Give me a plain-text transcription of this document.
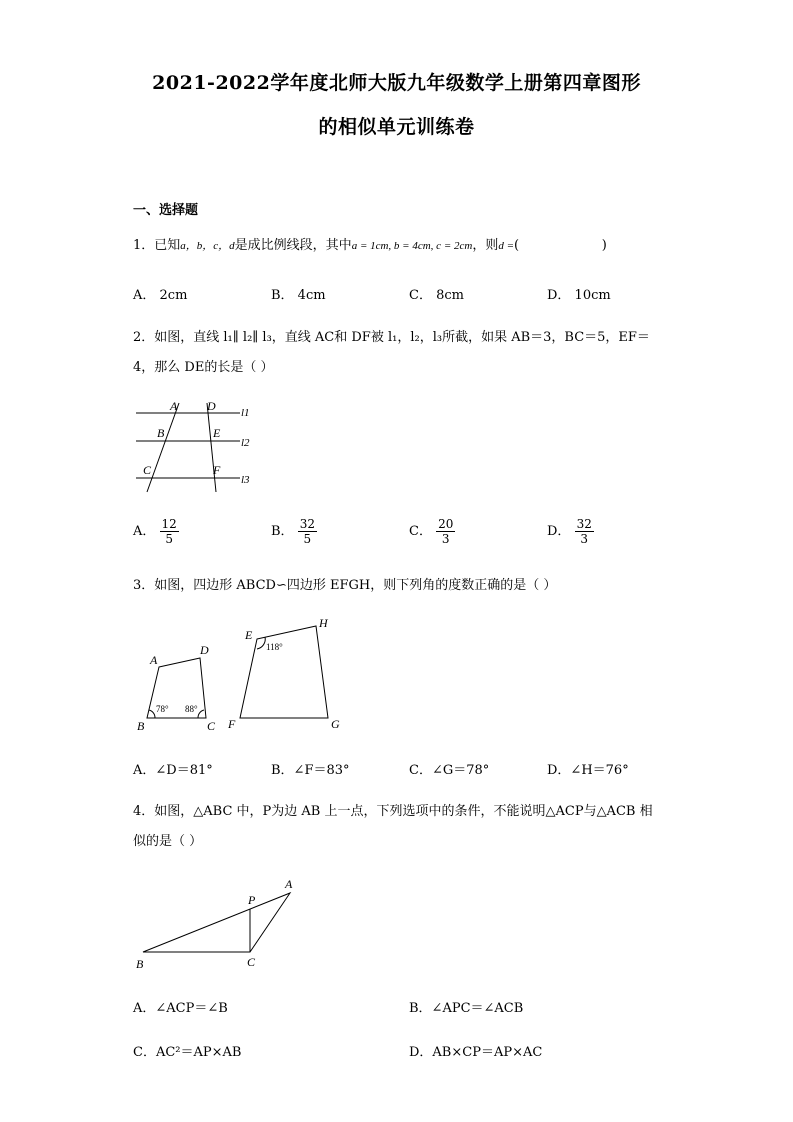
2021-2022学年度北师大版九年级数学上册第四章图形
的相似单元训练卷
一、选择题
1．已知a，b，c，d是成比例线段，其中a = 1cm, b = 4cm, c = 2cm，则d =(                    )
A． 2cm	B． 4cm	C． 8cm	D． 10cm
2．如图，直线 l₁∥ l₂∥ l₃，直线 AC和 DF被 l₁，l₂，l₃所截，如果 AB＝3，BC＝5，EF＝
4，那么 DE的长是（ ）
A D
B	E
C	F
l1
l2
l3
A． $\frac{12}{5}$	B． $\frac{32}{5}$	C． $\frac{20}{3}$	D． $\frac{32}{3}$
3．如图，四边形 ABCD∽四边形 EFGH，则下列角的度数正确的是（ ）
A
D
B	C
E
H
F	G
78° 88°
118°
A．∠D＝81°	B．∠F＝83°	C．∠G＝78°	D．∠H＝76°
4．如图，△ABC 中，P为边 AB 上一点，下列选项中的条件，不能说明△ACP与△ACB 相
似的是（ ）
A
P
B	C
A．∠ACP＝∠B	B．∠APC＝∠ACB
C．AC²＝AP×AB	D．AB×CP＝AP×AC
